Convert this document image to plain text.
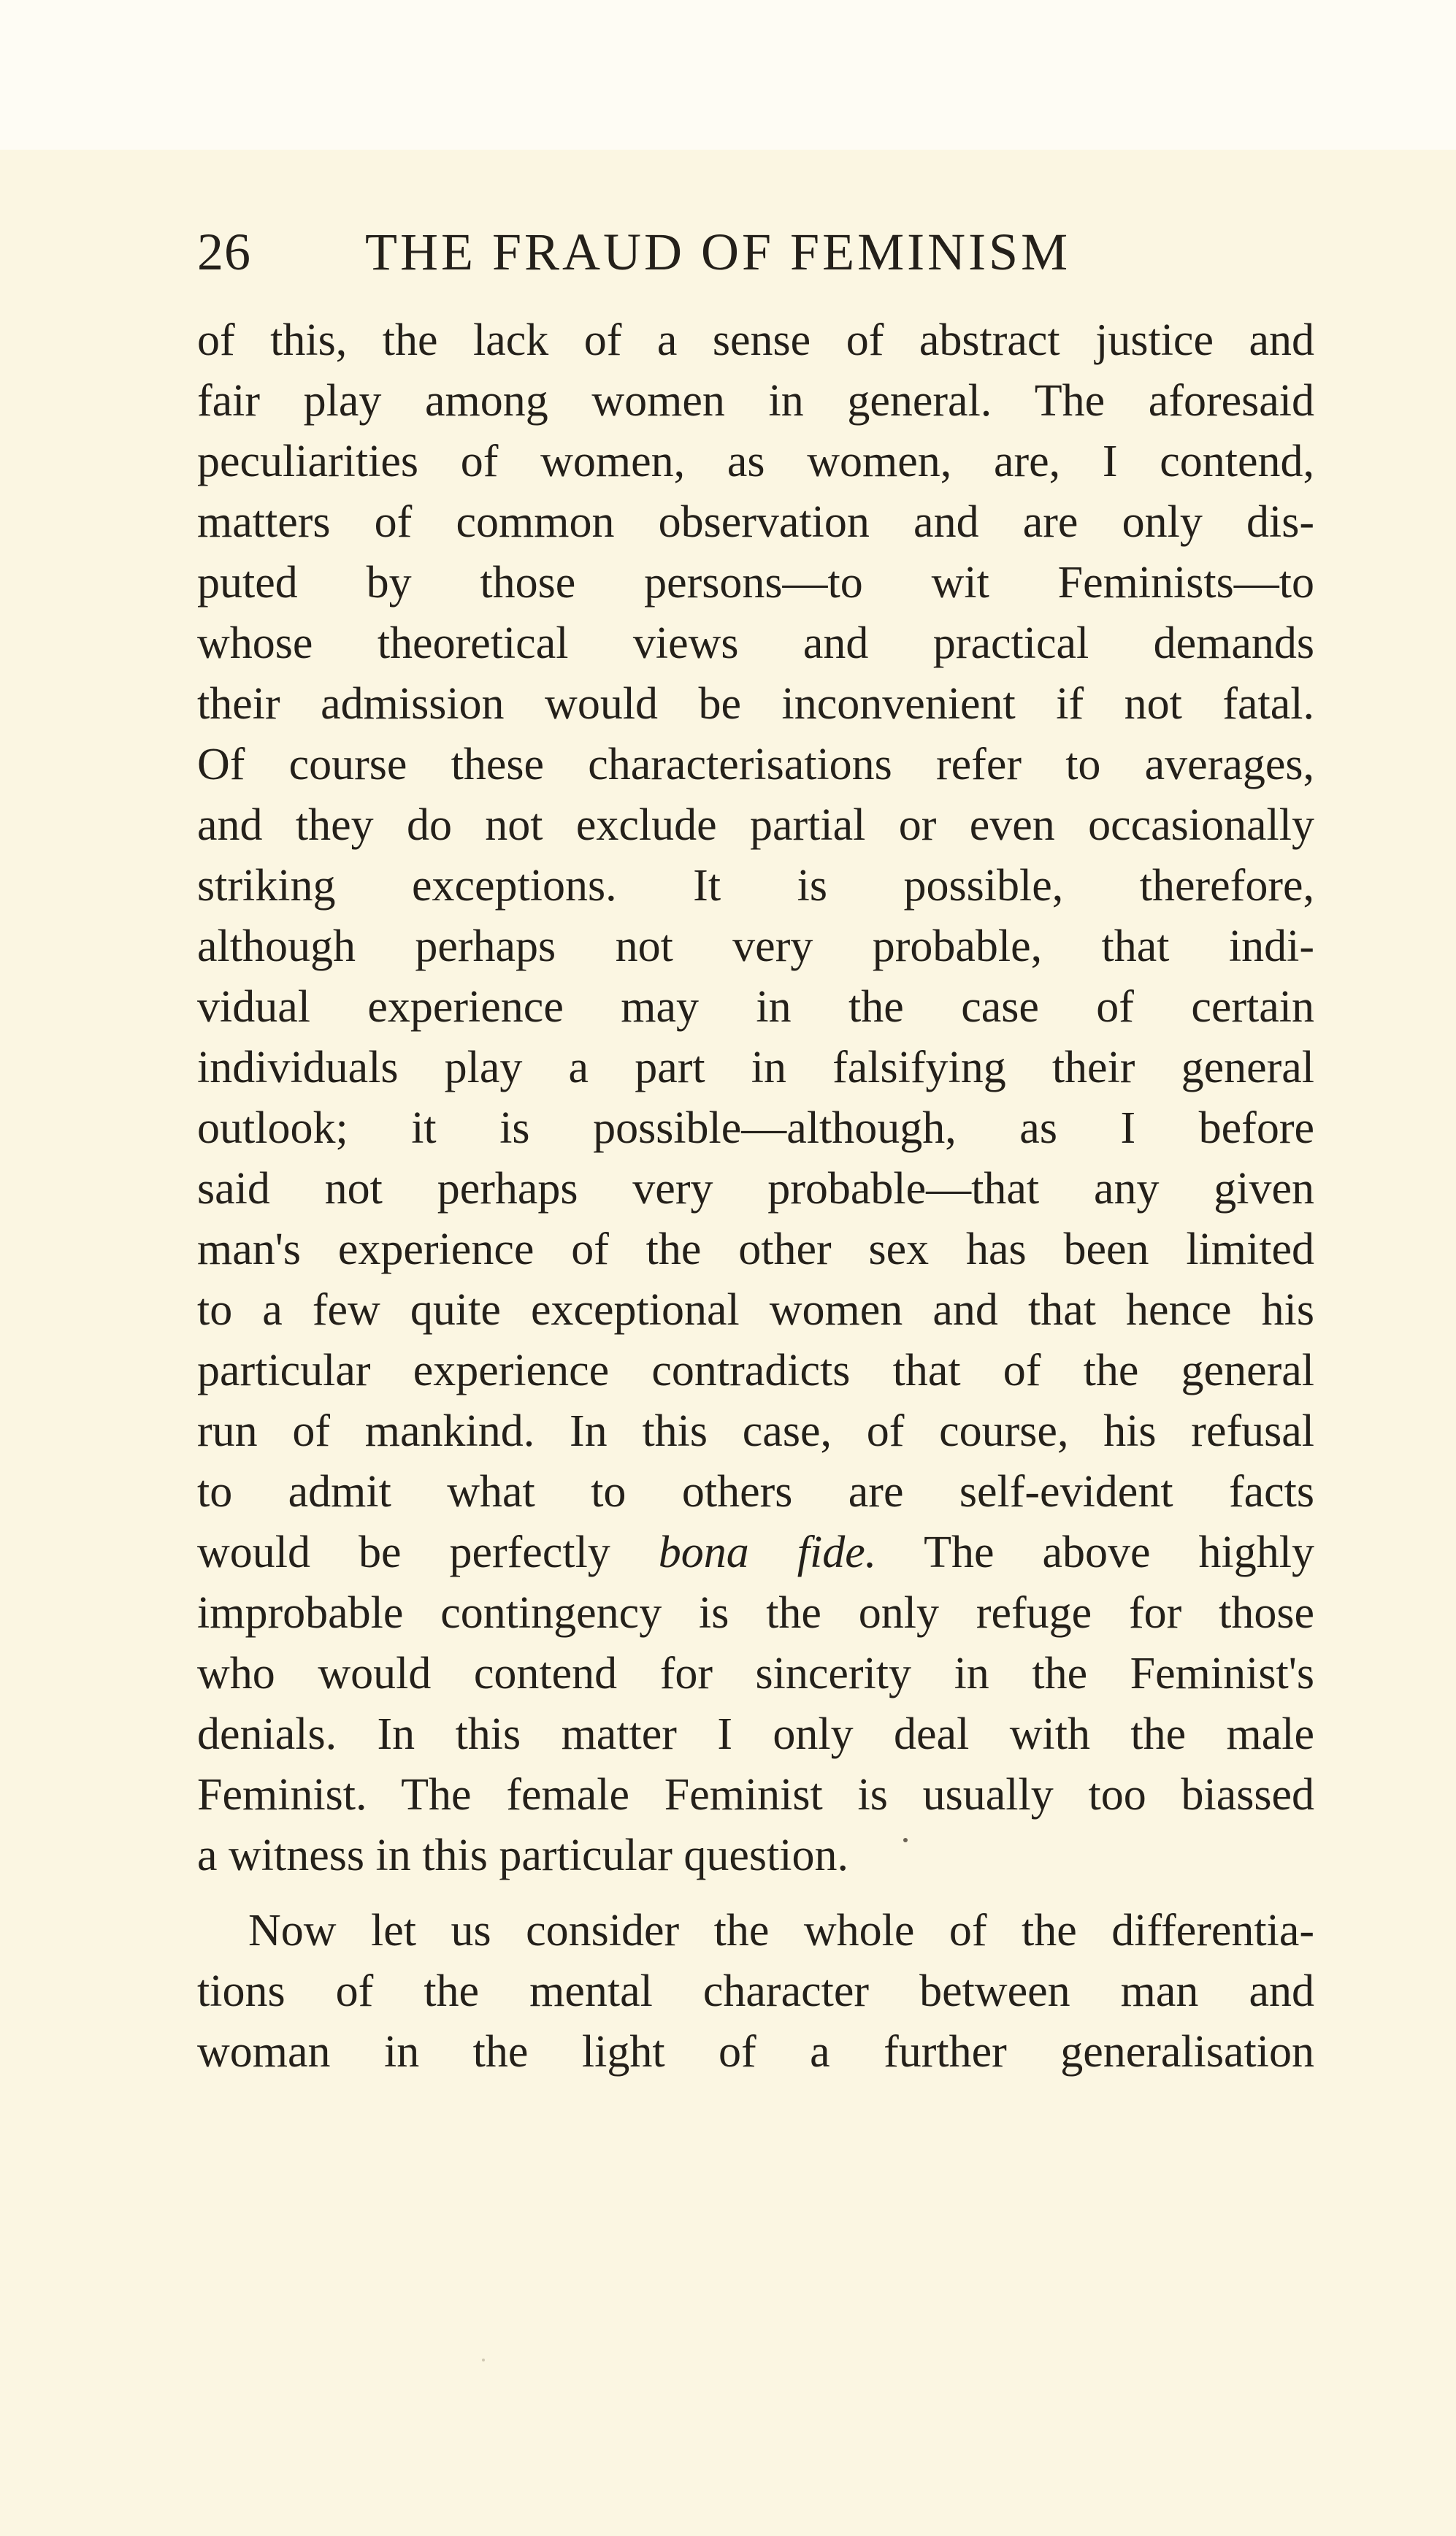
26 THE FRAUD OF FEMINISM
of this, the lack of a sense of abstract justice and
fair play among women in general. The aforesaid
peculiarities of women, as women, are, I contend,
matters of common observation and are only dis-
puted by those persons—to wit Feminists—to
whose theoretical views and practical demands
their admission would be inconvenient if not fatal.
Of course these characterisations refer to averages,
and they do not exclude partial or even occasionally
striking exceptions. It is possible, therefore,
although perhaps not very probable, that indi-
vidual experience may in the case of certain
individuals play a part in falsifying their general
outlook; it is possible—although, as I before
said not perhaps very probable—that any given
man's experience of the other sex has been limited
to a few quite exceptional women and that hence his
particular experience contradicts that of the general
run of mankind. In this case, of course, his refusal
to admit what to others are self-evident facts
would be perfectly bona fide. The above highly
improbable contingency is the only refuge for those
who would contend for sincerity in the Feminist's
denials. In this matter I only deal with the male
Feminist. The female Feminist is usually too biassed
a witness in this particular question.
Now let us consider the whole of the differentia-
tions of the mental character between man and
woman in the light of a further generalisation
